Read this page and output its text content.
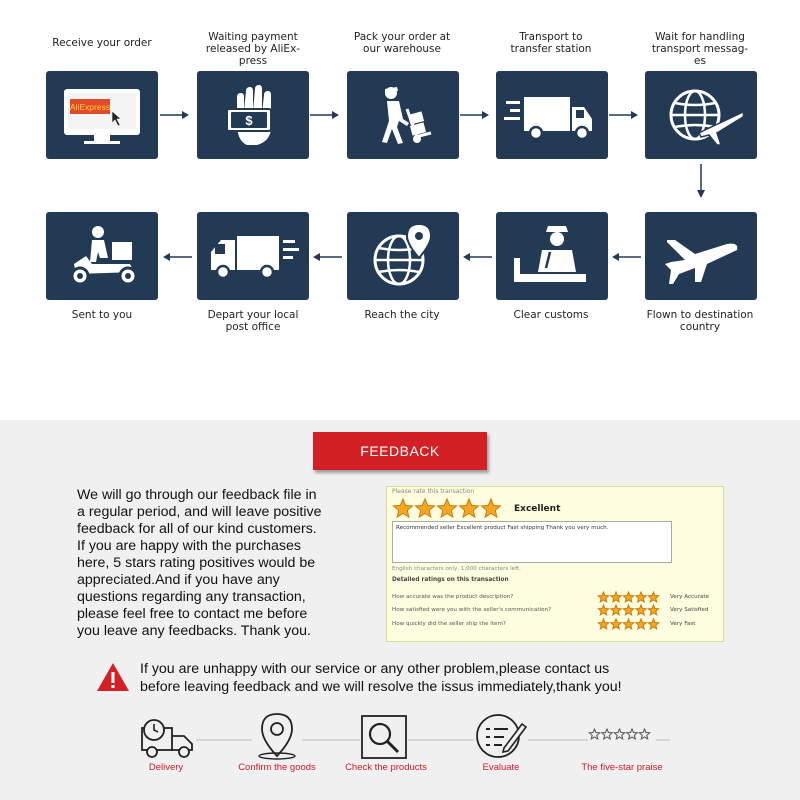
Receive your order	Waiting payment
released by AliEx-
press
Pack your order at
our warehouse
Transport to
transfer station
Wait for handling
transport messag-
es
AliExpress
$
Sent to you	Depart your local
post office
Reach the city	Clear customs	Flown to destination
country
FEEDBACK
We will go through our feedback file in
a regular period, and will leave positive
feedback for all of our kind customers.
If you are happy with the purchases
here, 5 stars rating positives would be
appreciated.And if you have any
questions regarding any transaction,
please feel free to contact me before
you leave any feedbacks. Thank you.
Please rate this transaction
Excellent
Recommended seller Excellent product Fast shipping Thank you very much.
English characters only, 1,000 characters left.
Detailed ratings on this transaction
How accurate was the product description?	Very Accurate
How satisfied were you with the seller's communication?	Very Satisfied
How quickly did the seller ship the item?	Very Fast
If you are unhappy with our service or any other problem,please contact us
before leaving feedback and we will resolve the issus immediately,thank you!
Delivery	Confirm the goods	Check the products	Evaluate	The five-star praise
